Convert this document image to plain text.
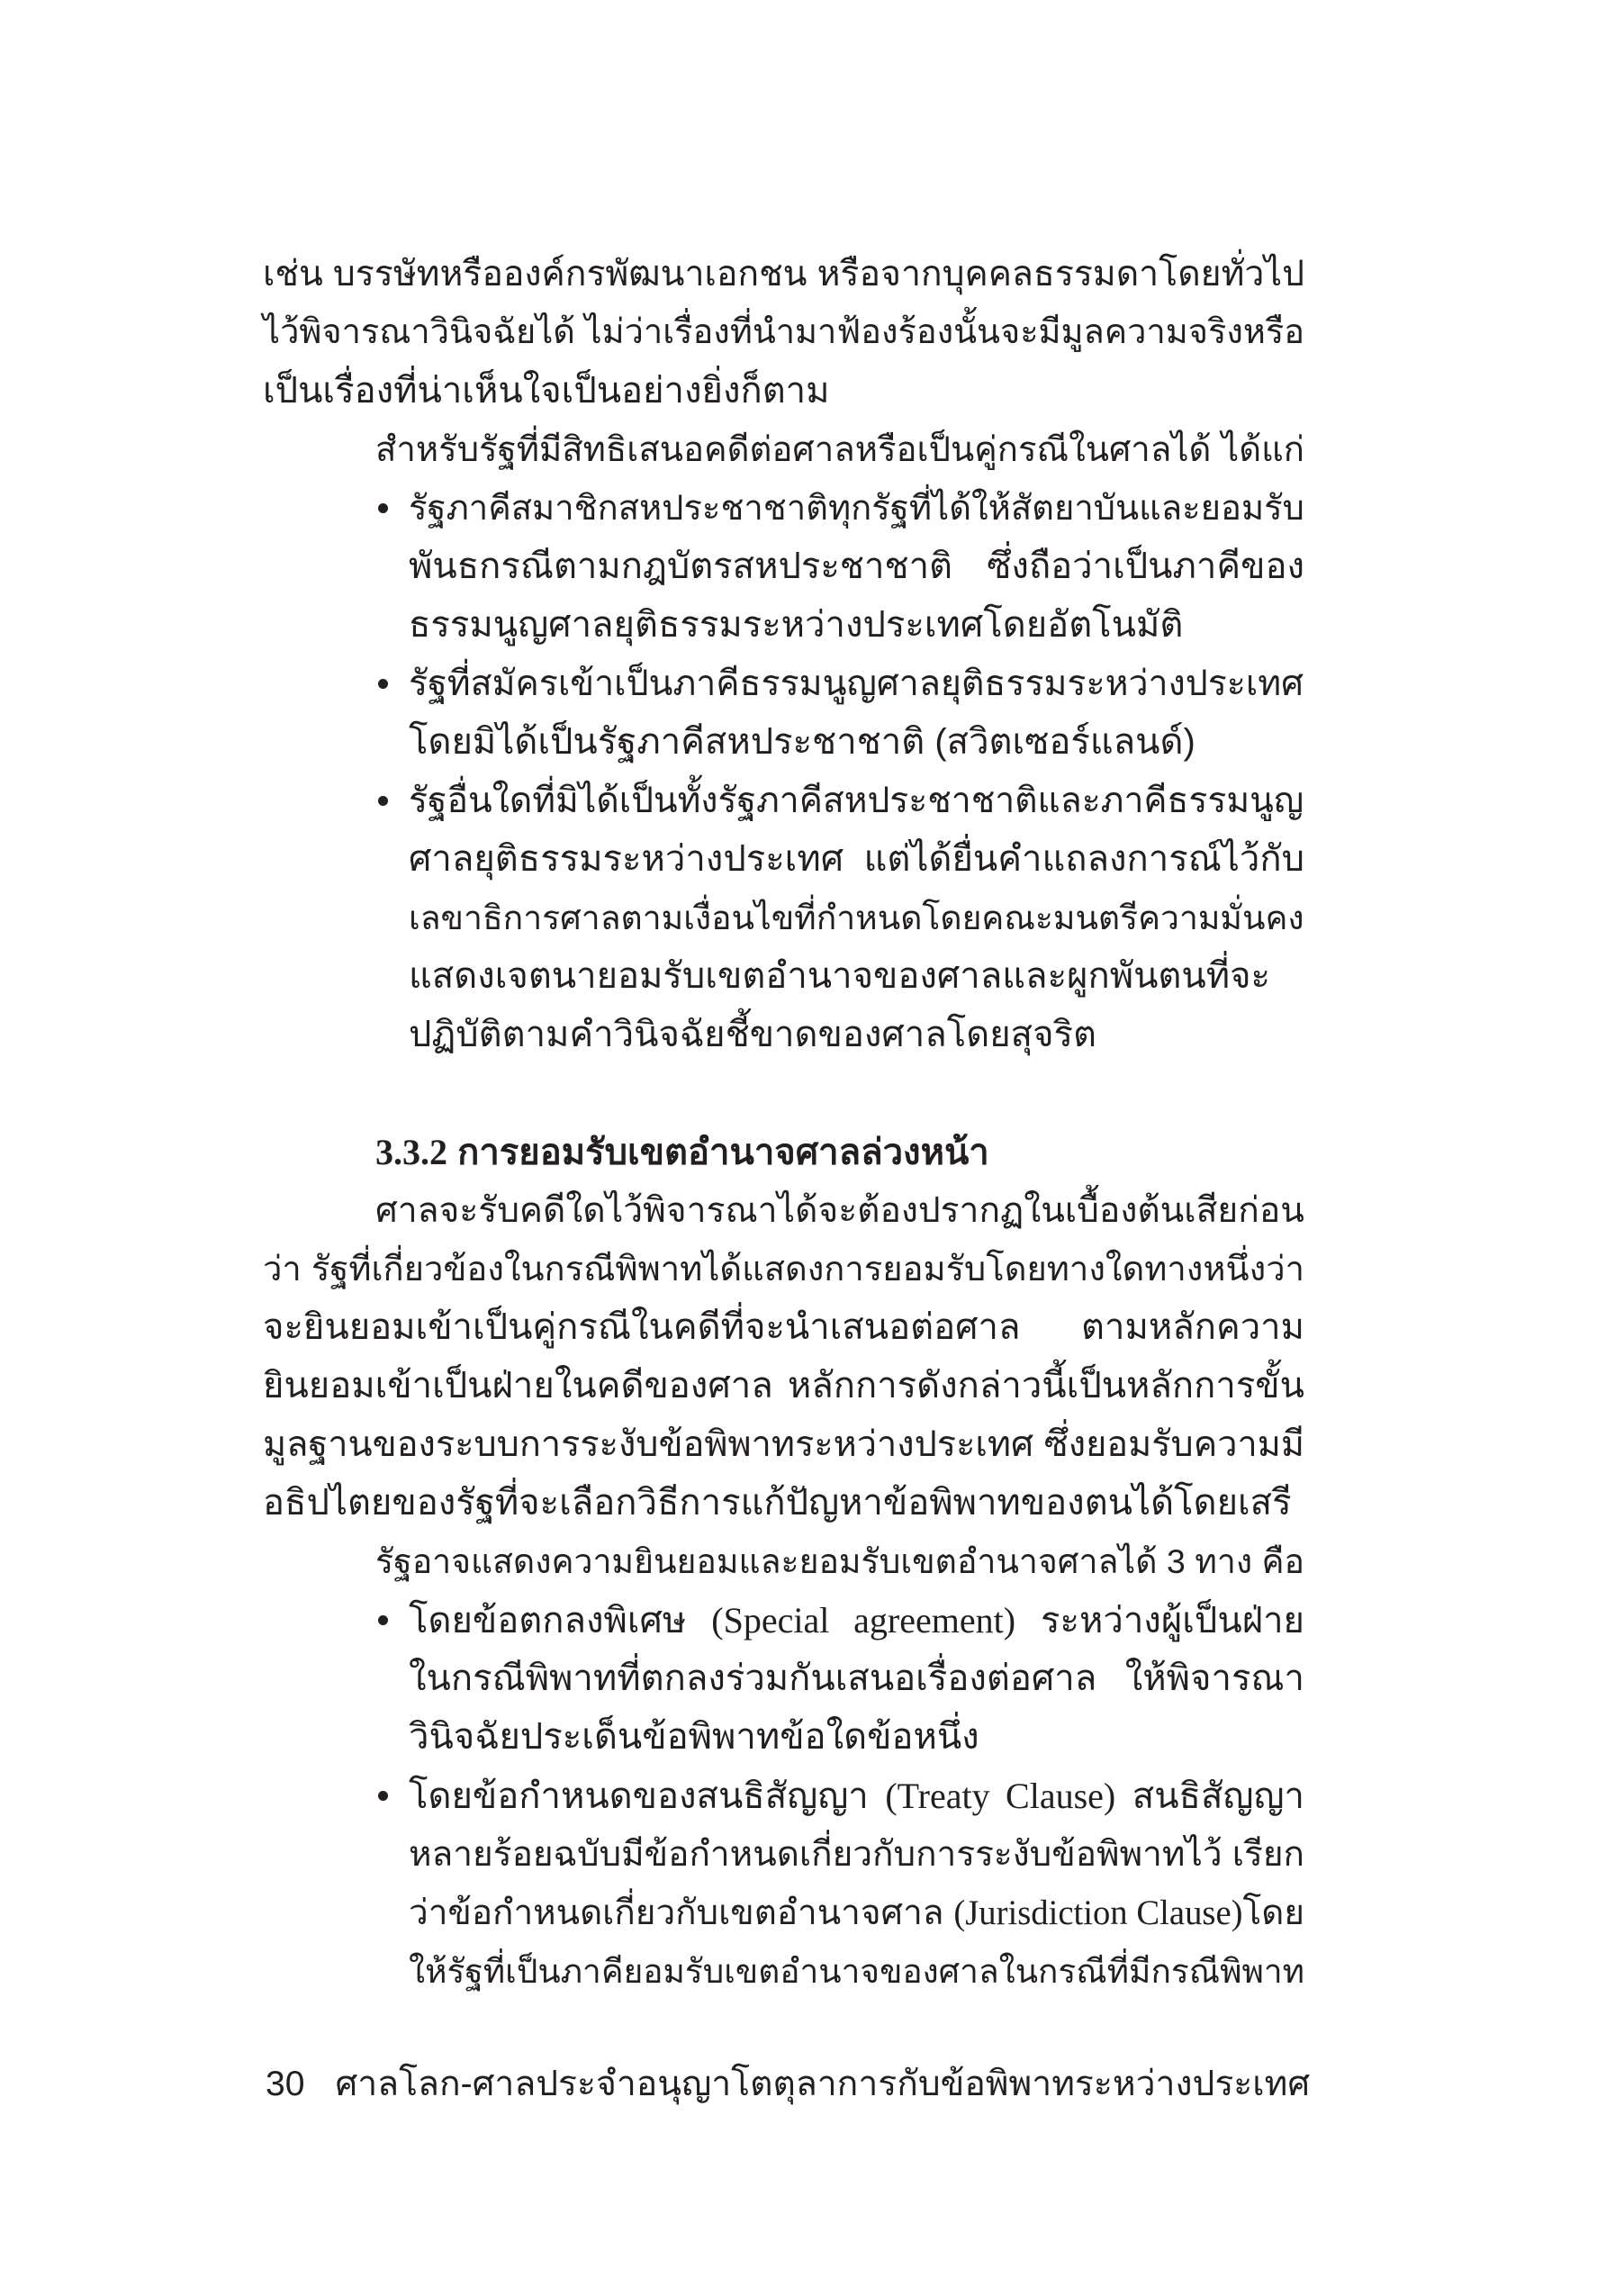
เช่น บรรษัทหรือองค์กรพัฒนาเอกชน หรือจากบุคคลธรรมดาโดยทั่วไป
ไว้พิจารณาวินิจฉัยได้ ไม่ว่าเรื่องที่นำมาฟ้องร้องนั้นจะมีมูลความจริงหรือ
เป็นเรื่องที่น่าเห็นใจเป็นอย่างยิ่งก็ตาม
สำหรับรัฐที่มีสิทธิเสนอคดีต่อศาลหรือเป็นคู่กรณีในศาลได้ ได้แก่
รัฐภาคีสมาชิกสหประชาชาติทุกรัฐที่ได้ให้สัตยาบันและยอมรับ
พันธกรณีตามกฎบัตรสหประชาชาติ ซึ่งถือว่าเป็นภาคีของ
ธรรมนูญศาลยุติธรรมระหว่างประเทศโดยอัตโนมัติ
รัฐที่สมัครเข้าเป็นภาคีธรรมนูญศาลยุติธรรมระหว่างประเทศ
โดยมิได้เป็นรัฐภาคีสหประชาชาติ (สวิตเซอร์แลนด์)
รัฐอื่นใดที่มิได้เป็นทั้งรัฐภาคีสหประชาชาติและภาคีธรรมนูญ
ศาลยุติธรรมระหว่างประเทศ แต่ได้ยื่นคำแถลงการณ์ไว้กับ
เลขาธิการศาลตามเงื่อนไขที่กำหนดโดยคณะมนตรีความมั่นคง
แสดงเจตนายอมรับเขตอำนาจของศาลและผูกพันตนที่จะ
ปฏิบัติตามคำวินิจฉัยชี้ขาดของศาลโดยสุจริต
3.3.2 การยอมรับเขตอำนาจศาลล่วงหน้า
ศาลจะรับคดีใดไว้พิจารณาได้จะต้องปรากฏในเบื้องต้นเสียก่อน
ว่า รัฐที่เกี่ยวข้องในกรณีพิพาทได้แสดงการยอมรับโดยทางใดทางหนึ่งว่า
จะยินยอมเข้าเป็นคู่กรณีในคดีที่จะนำเสนอต่อศาล ตามหลักความ
ยินยอมเข้าเป็นฝ่ายในคดีของศาล หลักการดังกล่าวนี้เป็นหลักการขั้น
มูลฐานของระบบการระงับข้อพิพาทระหว่างประเทศ ซึ่งยอมรับความมี
อธิปไตยของรัฐที่จะเลือกวิธีการแก้ปัญหาข้อพิพาทของตนได้โดยเสรี
รัฐอาจแสดงความยินยอมและยอมรับเขตอำนาจศาลได้ 3 ทาง คือ
โดยข้อตกลงพิเศษ (Special agreement) ระหว่างผู้เป็นฝ่าย
ในกรณีพิพาทที่ตกลงร่วมกันเสนอเรื่องต่อศาล ให้พิจารณา
วินิจฉัยประเด็นข้อพิพาทข้อใดข้อหนึ่ง
โดยข้อกำหนดของสนธิสัญญา (Treaty Clause) สนธิสัญญา
หลายร้อยฉบับมีข้อกำหนดเกี่ยวกับการระงับข้อพิพาทไว้ เรียก
ว่าข้อกำหนดเกี่ยวกับเขตอำนาจศาล (Jurisdiction Clause)โดย
ให้รัฐที่เป็นภาคียอมรับเขตอำนาจของศาลในกรณีที่มีกรณีพิพาท
30 ศาลโลก-ศาลประจำอนุญาโตตุลาการกับข้อพิพาทระหว่างประเทศ
